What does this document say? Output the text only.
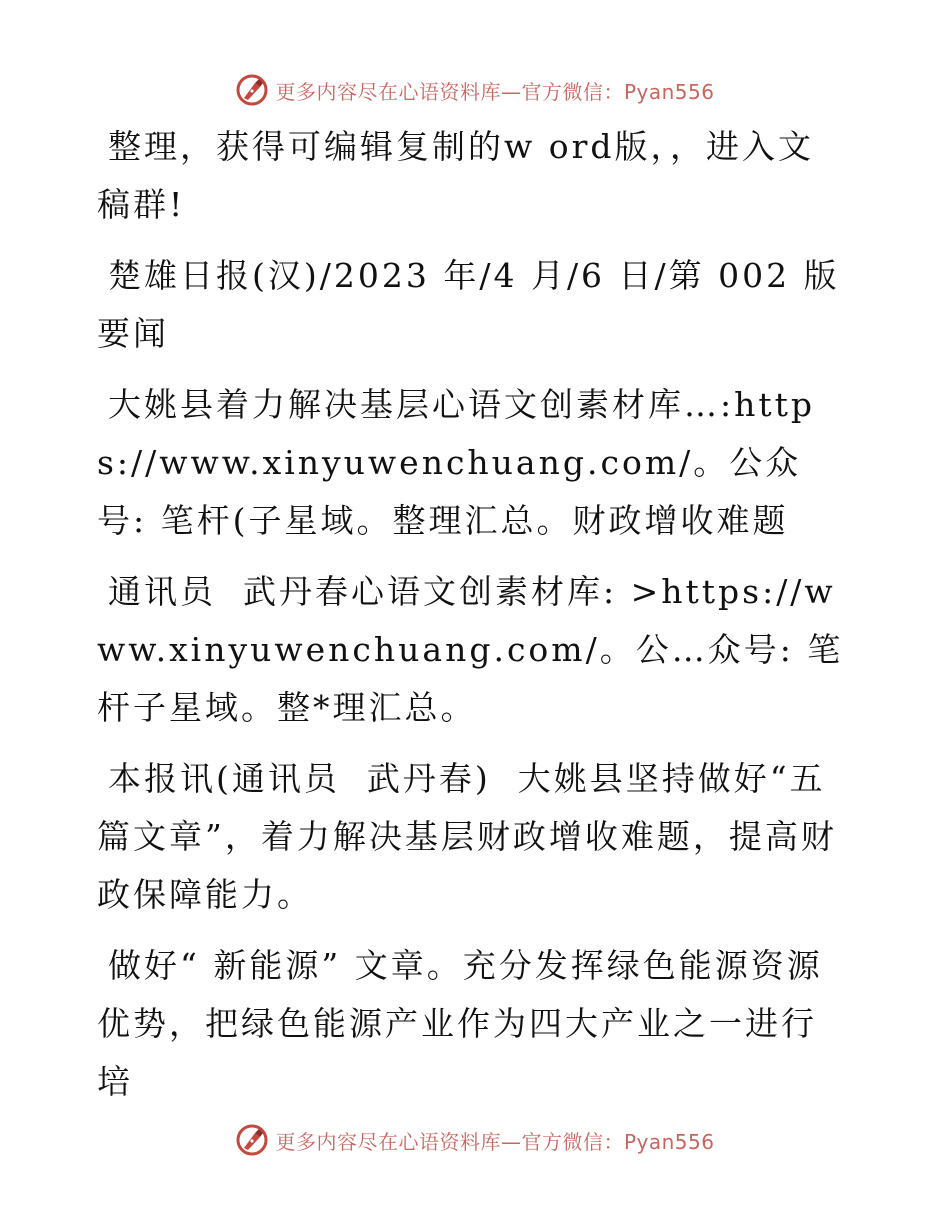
更多内容尽在心语资料库—官方微信：Pyan556

整理，获得可编辑复制的w ord版，，进入文稿群!

楚雄日报(汉)/2023 年/4 月/6 日/第 002 版要闻

大姚县着力解决基层心语文创素材库…:https://www.xinyuwenchuang.com/。公众号: 笔杆(子星域。整理汇总。财政增收难题

通讯员  武丹春心语文创素材库: >https://www.xinyuwenchuang.com/。公…众号: 笔杆子星域。整*理汇总。

本报讯(通讯员  武丹春)  大姚县坚持做好“五篇文章”，着力解决基层财政增收难题，提高财政保障能力。

做好“ 新能源” 文章。充分发挥绿色能源资源优势，把绿色能源产业作为四大产业之一进行培

更多内容尽在心语资料库—官方微信：Pyan556
